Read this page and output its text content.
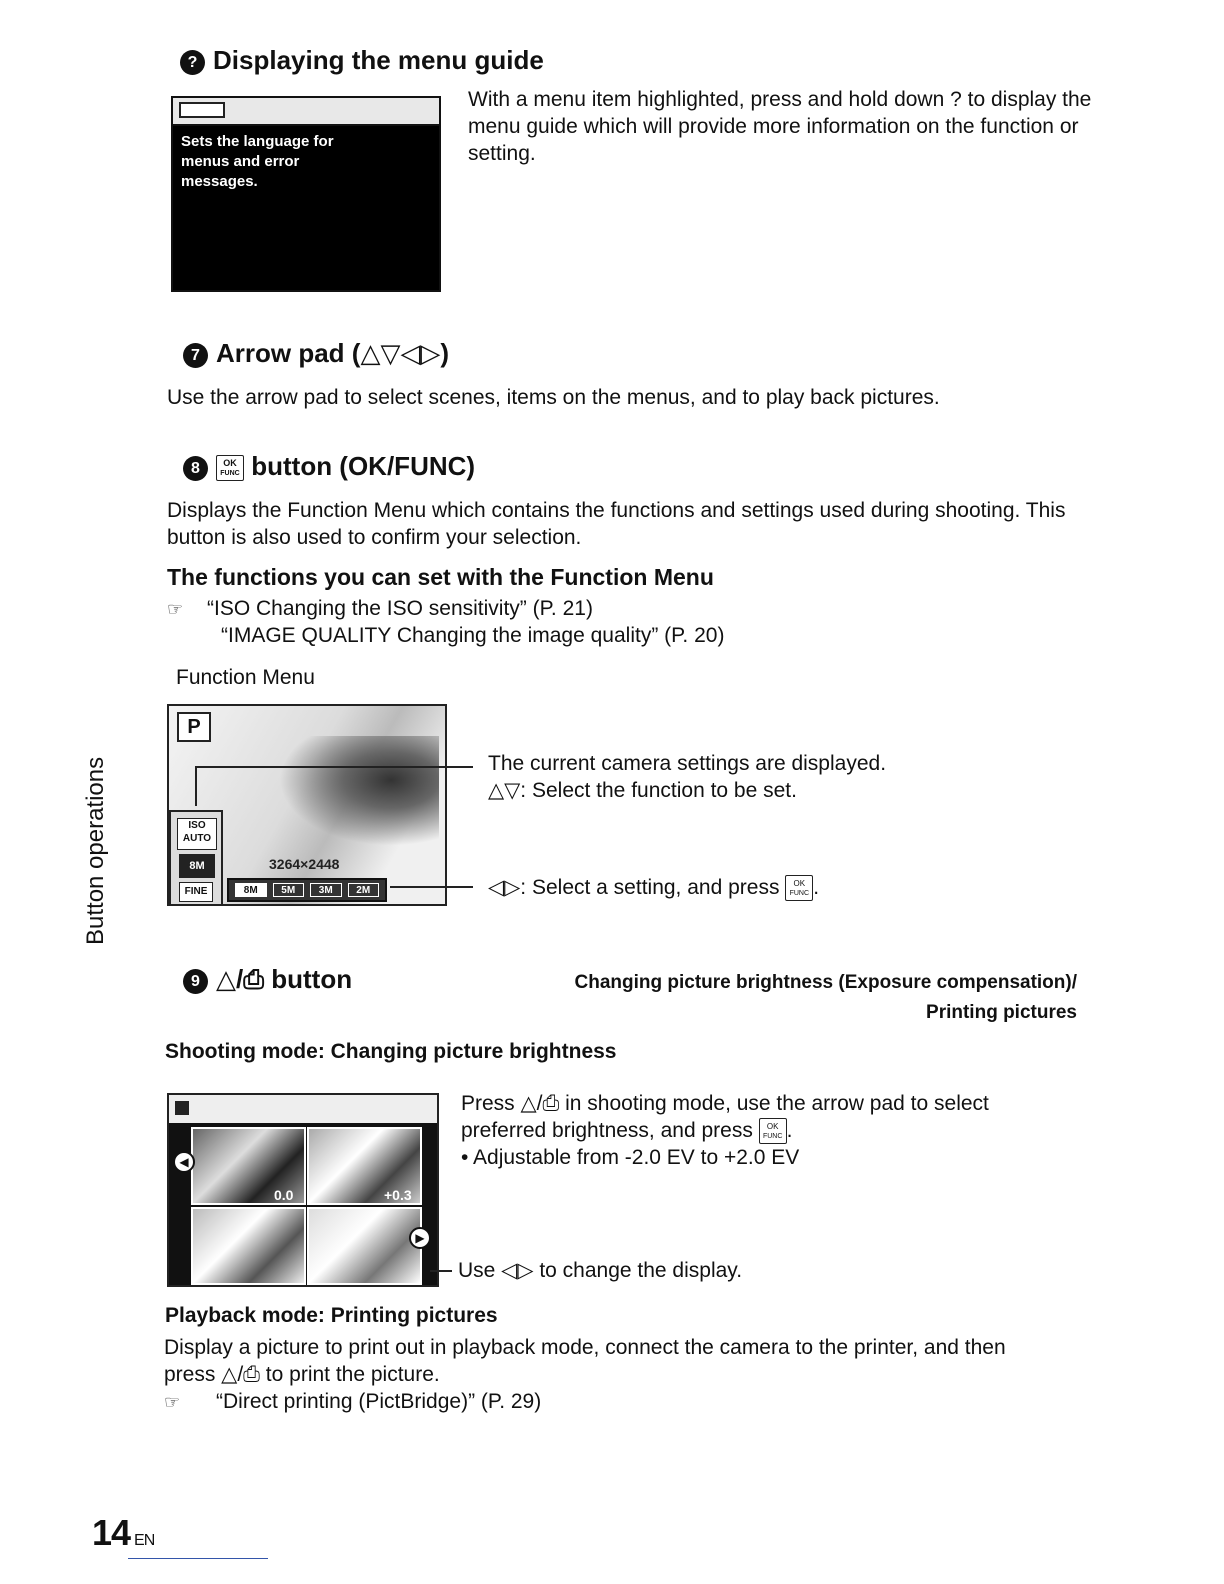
? Displaying the menu guide
Sets the language for menus and error messages.
With a menu item highlighted, press and hold down ? to display the menu guide which will provide more information on the function or setting.
7 Arrow pad (△▽◁▷)
Use the arrow pad to select scenes, items on the menus, and to play back pictures.
8	OK
FUNC button (OK/FUNC)
Displays the Function Menu which contains the functions and settings used during shooting. This button is also used to confirm your selection.
The functions you can set with the Function Menu
☞ “ISO Changing the ISO sensitivity” (P. 21)
“IMAGE QUALITY Changing the image quality” (P. 20)
Function Menu
P
ISO
AUTO
8M
FINE
3264×2448
8M	5M	3M	2M
The current camera settings are displayed.
△▽: Select the function to be set.
◁▷: Select a setting, and press OK
FUNC .
Button operations
9 △/⎙ button	Changing picture brightness (Exposure compensation)/
Printing pictures
Shooting mode: Changing picture brightness
0.0	+0.3
◀
▶
Press △/⎙ in shooting mode, use the arrow pad to select
preferred brightness, and press OK
FUNC .
• Adjustable from -2.0 EV to +2.0 EV
Use ◁▷ to change the display.
Playback mode: Printing pictures
Display a picture to print out in playback mode, connect the camera to the printer, and then
press △/⎙ to print the picture.
☞ “Direct printing (PictBridge)” (P. 29)
14 EN
